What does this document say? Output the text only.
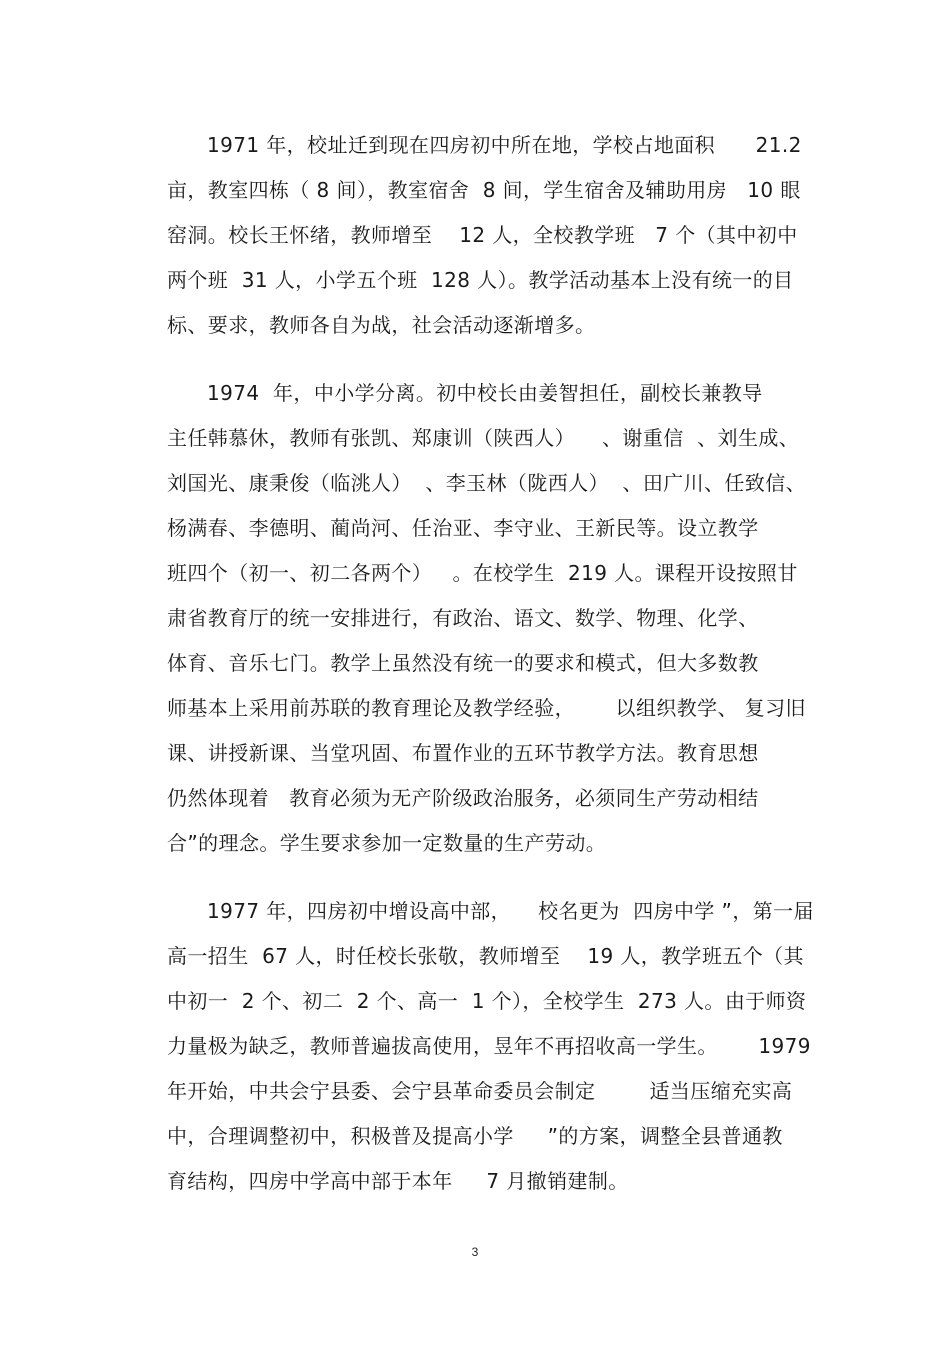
1971 年，校址迁到现在四房初中所在地，学校占地面积      21.2
亩，教室四栋（ 8 间），教室宿舍  8 间，学生宿舍及辅助用房   10 眼
窑洞。校长王怀绪，教师增至    12 人，全校教学班   7 个（其中初中
两个班  31 人，小学五个班  128 人）。教学活动基本上没有统一的目
标、要求，教师各自为战，社会活动逐渐增多。
1974  年，中小学分离。初中校长由姜智担任，副校长兼教导
主任韩慕休，教师有张凯、郑康训（陕西人）    、谢重信  、刘生成、
刘国光、康秉俊（临洮人）  、李玉林（陇西人）  、田广川、任致信、
杨满春、李德明、蔺尚河、任治亚、李守业、王新民等。设立教学
班四个（初一、初二各两个）   。在校学生  219 人。课程开设按照甘
肃省教育厅的统一安排进行，有政治、语文、数学、物理、化学、
体育、音乐七门。教学上虽然没有统一的要求和模式，但大多数教
师基本上采用前苏联的教育理论及教学经验，      以组织教学、 复习旧
课、讲授新课、当堂巩固、布置作业的五环节教学方法。教育思想
仍然体现着   教育必须为无产阶级政治服务，必须同生产劳动相结
合”的理念。学生要求参加一定数量的生产劳动。
1977 年，四房初中增设高中部，    校名更为  四房中学 ”，第一届
高一招生  67 人，时任校长张敬，教师增至    19 人，教学班五个（其
中初一  2 个、初二  2 个、高一  1 个），全校学生  273 人。由于师资
力量极为缺乏，教师普遍拔高使用，昱年不再招收高一学生。      1979
年开始，中共会宁县委、会宁县革命委员会制定        适当压缩充实高
中，合理调整初中，积极普及提高小学     ”的方案，调整全县普通教
育结构，四房中学高中部于本年     7 月撤销建制。
3
